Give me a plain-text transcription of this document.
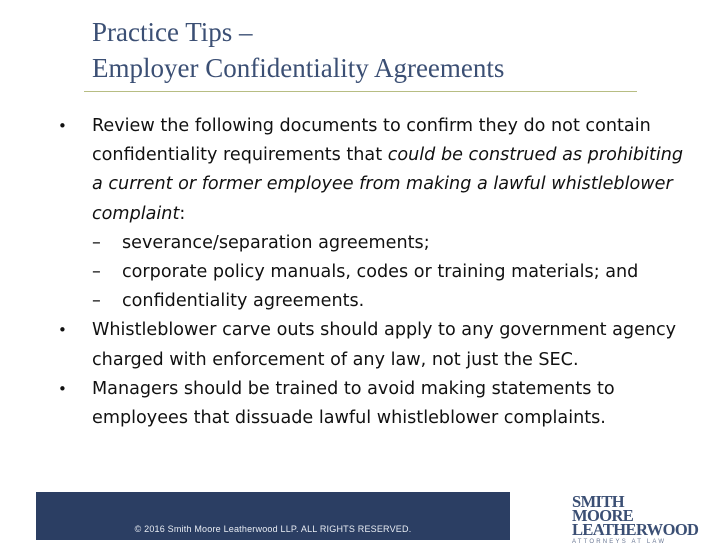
Practice Tips –
Employer Confidentiality Agreements
• Review the following documents to confirm they do not contain confidentiality requirements that could be construed as prohibiting a current or former employee from making a lawful whistleblower complaint:
– severance/separation agreements;
– corporate policy manuals, codes or training materials; and
– confidentiality agreements.
• Whistleblower carve outs should apply to any government agency charged with enforcement of any law, not just the SEC.
• Managers should be trained to avoid making statements to employees that dissuade lawful whistleblower complaints.
© 2016 Smith Moore Leatherwood LLP. ALL RIGHTS RESERVED.
SMITH MOORE
LEATHERWOOD
ATTORNEYS AT LAW
